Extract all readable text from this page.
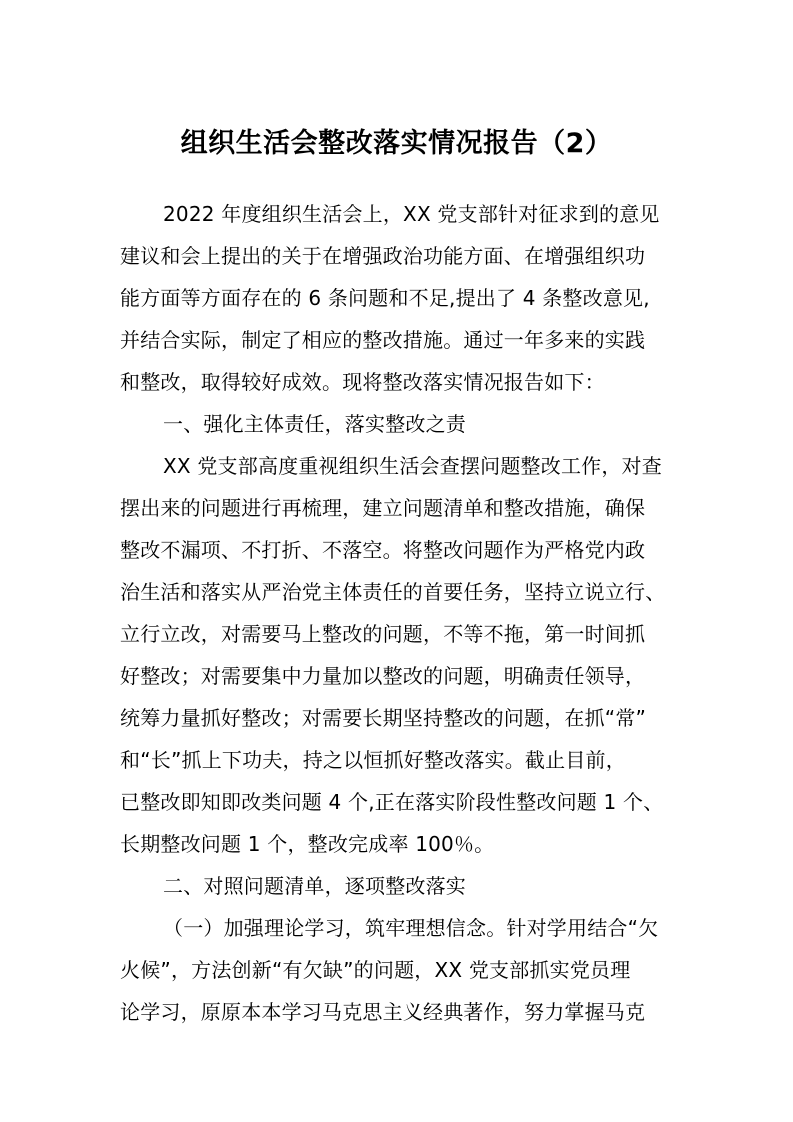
组织生活会整改落实情况报告（2）
2022 年度组织生活会上，XX 党支部针对征求到的意见
建议和会上提出的关于在增强政治功能方面、在增强组织功
能方面等方面存在的 6 条问题和不足,提出了 4 条整改意见,
并结合实际，制定了相应的整改措施。通过一年多来的实践
和整改，取得较好成效。现将整改落实情况报告如下：
一、强化主体责任，落实整改之责
XX 党支部高度重视组织生活会查摆问题整改工作，对查
摆出来的问题进行再梳理，建立问题清单和整改措施，确保
整改不漏项、不打折、不落空。将整改问题作为严格党内政
治生活和落实从严治党主体责任的首要任务，坚持立说立行、
立行立改，对需要马上整改的问题，不等不拖，第一时间抓
好整改；对需要集中力量加以整改的问题，明确责任领导，
统筹力量抓好整改；对需要长期坚持整改的问题，在抓“常”
和“长”抓上下功夫，持之以恒抓好整改落实。截止目前，
已整改即知即改类问题 4 个,正在落实阶段性整改问题 1 个、
长期整改问题 1 个，整改完成率 100％。
二、对照问题清单，逐项整改落实
（一）加强理论学习，筑牢理想信念。针对学用结合“欠
火候”，方法创新“有欠缺”的问题，XX 党支部抓实党员理
论学习，原原本本学习马克思主义经典著作，努力掌握马克
